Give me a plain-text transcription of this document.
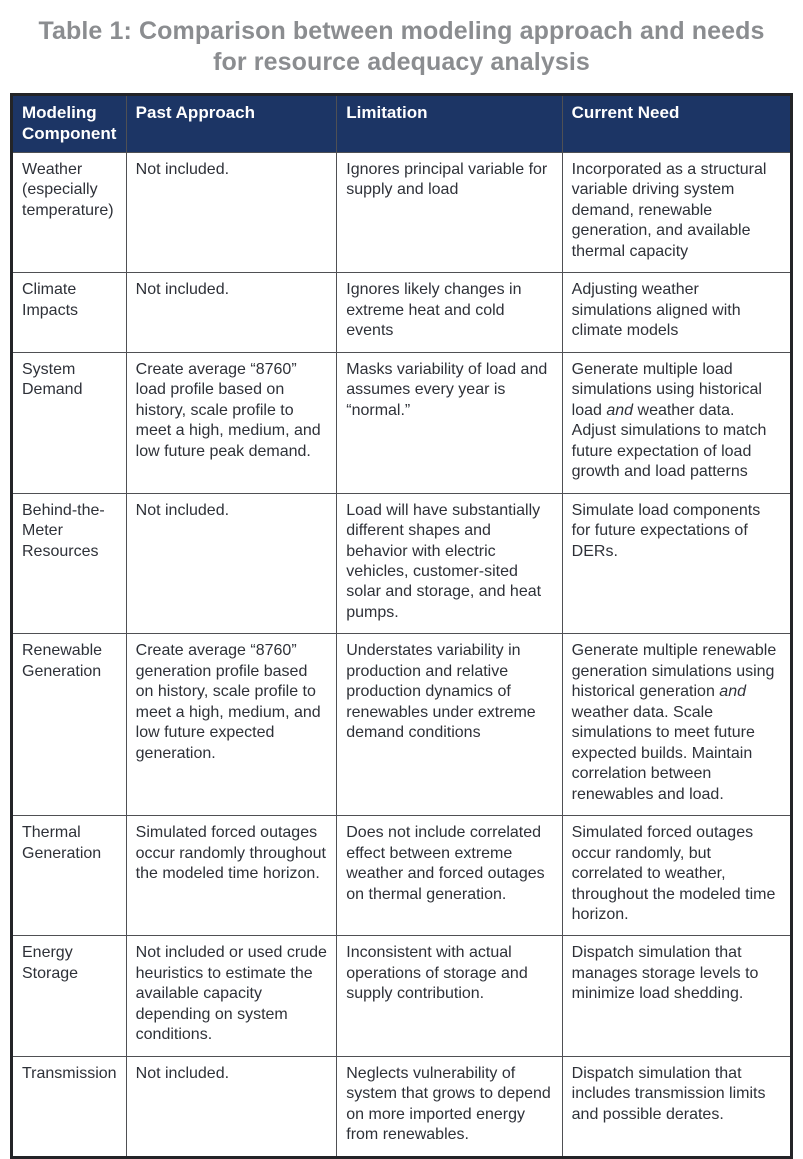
Table 1: Comparison between modeling approach and needs
for resource adequacy analysis
Modeling Component	Past Approach	Limitation	Current Need
Weather (especially temperature)	Not included.	Ignores principal variable for supply and load	Incorporated as a structural variable driving system demand, renewable generation, and available thermal capacity
Climate Impacts	Not included.	Ignores likely changes in extreme heat and cold events	Adjusting weather simulations aligned with climate models
System Demand	Create average “8760” load profile based on history, scale profile to meet a high, medium, and low future peak demand.	Masks variability of load and assumes every year is “normal.”	Generate multiple load simulations using historical load and weather data. Adjust simulations to match future expectation of load growth and load patterns
Behind-the-Meter Resources	Not included.	Load will have substantially different shapes and behavior with electric vehicles, customer-sited solar and storage, and heat pumps.	Simulate load components for future expectations of DERs.
Renewable Generation	Create average “8760” generation profile based on history, scale profile to meet a high, medium, and low future expected generation.	Understates variability in production and relative production dynamics of renewables under extreme demand conditions	Generate multiple renewable generation simulations using historical generation and weather data. Scale simulations to meet future expected builds. Maintain correlation between renewables and load.
Thermal Generation	Simulated forced outages occur randomly throughout the modeled time horizon.	Does not include correlated effect between extreme weather and forced outages on thermal generation.	Simulated forced outages occur randomly, but correlated to weather, throughout the modeled time horizon.
Energy Storage	Not included or used crude heuristics to estimate the available capacity depending on system conditions.	Inconsistent with actual operations of storage and supply contribution.	Dispatch simulation that manages storage levels to minimize load shedding.
Transmission	Not included.	Neglects vulnerability of system that grows to depend on more imported energy from renewables.	Dispatch simulation that includes transmission limits and possible derates.
